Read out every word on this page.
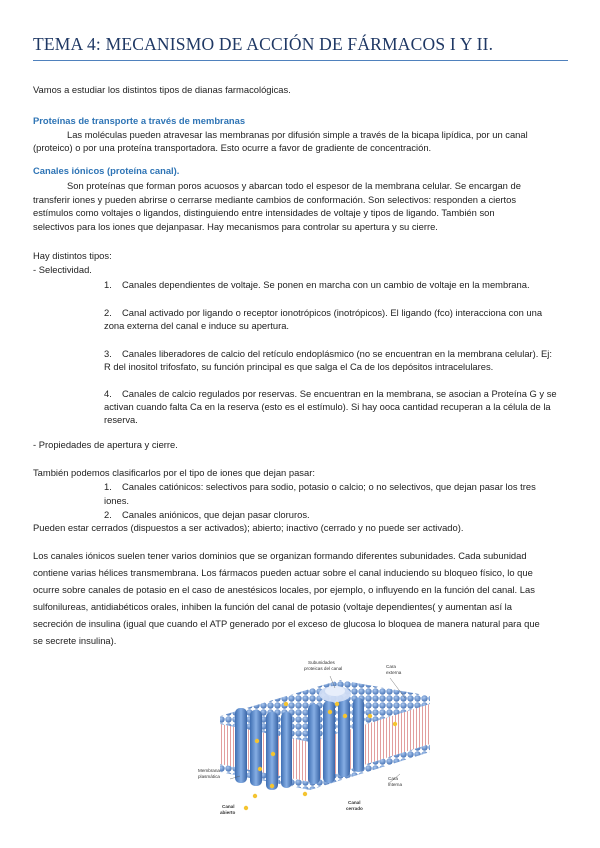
TEMA 4: MECANISMO DE ACCIÓN DE FÁRMACOS I Y II.
Vamos a estudiar los distintos tipos de dianas farmacológicas.
Proteínas de transporte a través de membranas
Las moléculas pueden atravesar las membranas por difusión simple a través de la bicapa lipídica, por un canal
(proteico) o por una proteína transportadora. Esto ocurre a favor de gradiente de concentración.
Canales iónicos (proteína canal).
Son proteínas que forman poros acuosos y abarcan todo el espesor de la membrana celular. Se encargan de
transferir iones y pueden abrirse o cerrarse mediante cambios de conformación. Son selectivos: responden a ciertos
estímulos como voltajes o ligandos, distinguiendo entre intensidades de voltaje y tipos de ligando. También son
selectivos para los iones que dejanpasar. Hay mecanismos para controlar su apertura y su cierre.
Hay distintos tipos:
- Selectividad.
1. Canales dependientes de voltaje. Se ponen en marcha con un cambio de voltaje en la membrana.
2. Canal activado por ligando o receptor ionotrópicos (inotrópicos). El ligando (fco) interacciona con una
zona externa del canal e induce su apertura.
3. Canales liberadores de calcio del retículo endoplásmico (no se encuentran en la membrana celular). Ej:
R del inositol trifosfato, su función principal es que salga el Ca de los depósitos intracelulares.
4. Canales de calcio regulados por reservas. Se encuentran en la membrana, se asocian a Proteína G y se
activan cuando falta Ca en la reserva (esto es el estímulo). Si hay ooca cantidad recuperan a la célula de la
reserva.
- Propiedades de apertura y cierre.
También podemos clasificarlos por el tipo de iones que dejan pasar:
1. Canales catiónicos: selectivos para sodio, potasio o calcio; o no selectivos, que dejan pasar los tres
iones.
2. Canales aniónicos, que dejan pasar cloruros.
Pueden estar cerrados (dispuestos a ser activados); abierto; inactivo (cerrado y no puede ser activado).
Los canales iónicos suelen tener varios dominios que se organizan formando diferentes subunidades. Cada subunidad
contiene varias hélices transmembrana. Los fármacos pueden actuar sobre el canal induciendo su bloqueo físico, lo que
ocurre sobre canales de potasio en el caso de anestésicos locales, por ejemplo, o influyendo en la función del canal. Las
sulfonilureas, antidiabéticos orales, inhiben la función del canal de potasio (voltaje dependientes( y aumentan así la
secreción de insulina (igual que cuando el ATP generado por el exceso de glucosa lo bloquea de manera natural para que
se secrete insulina).
Subunidades
proteicas del canal	Cara
externa
Membrana
plasmática	Cara
interna
Canal
abierto
Canal
cerrado
